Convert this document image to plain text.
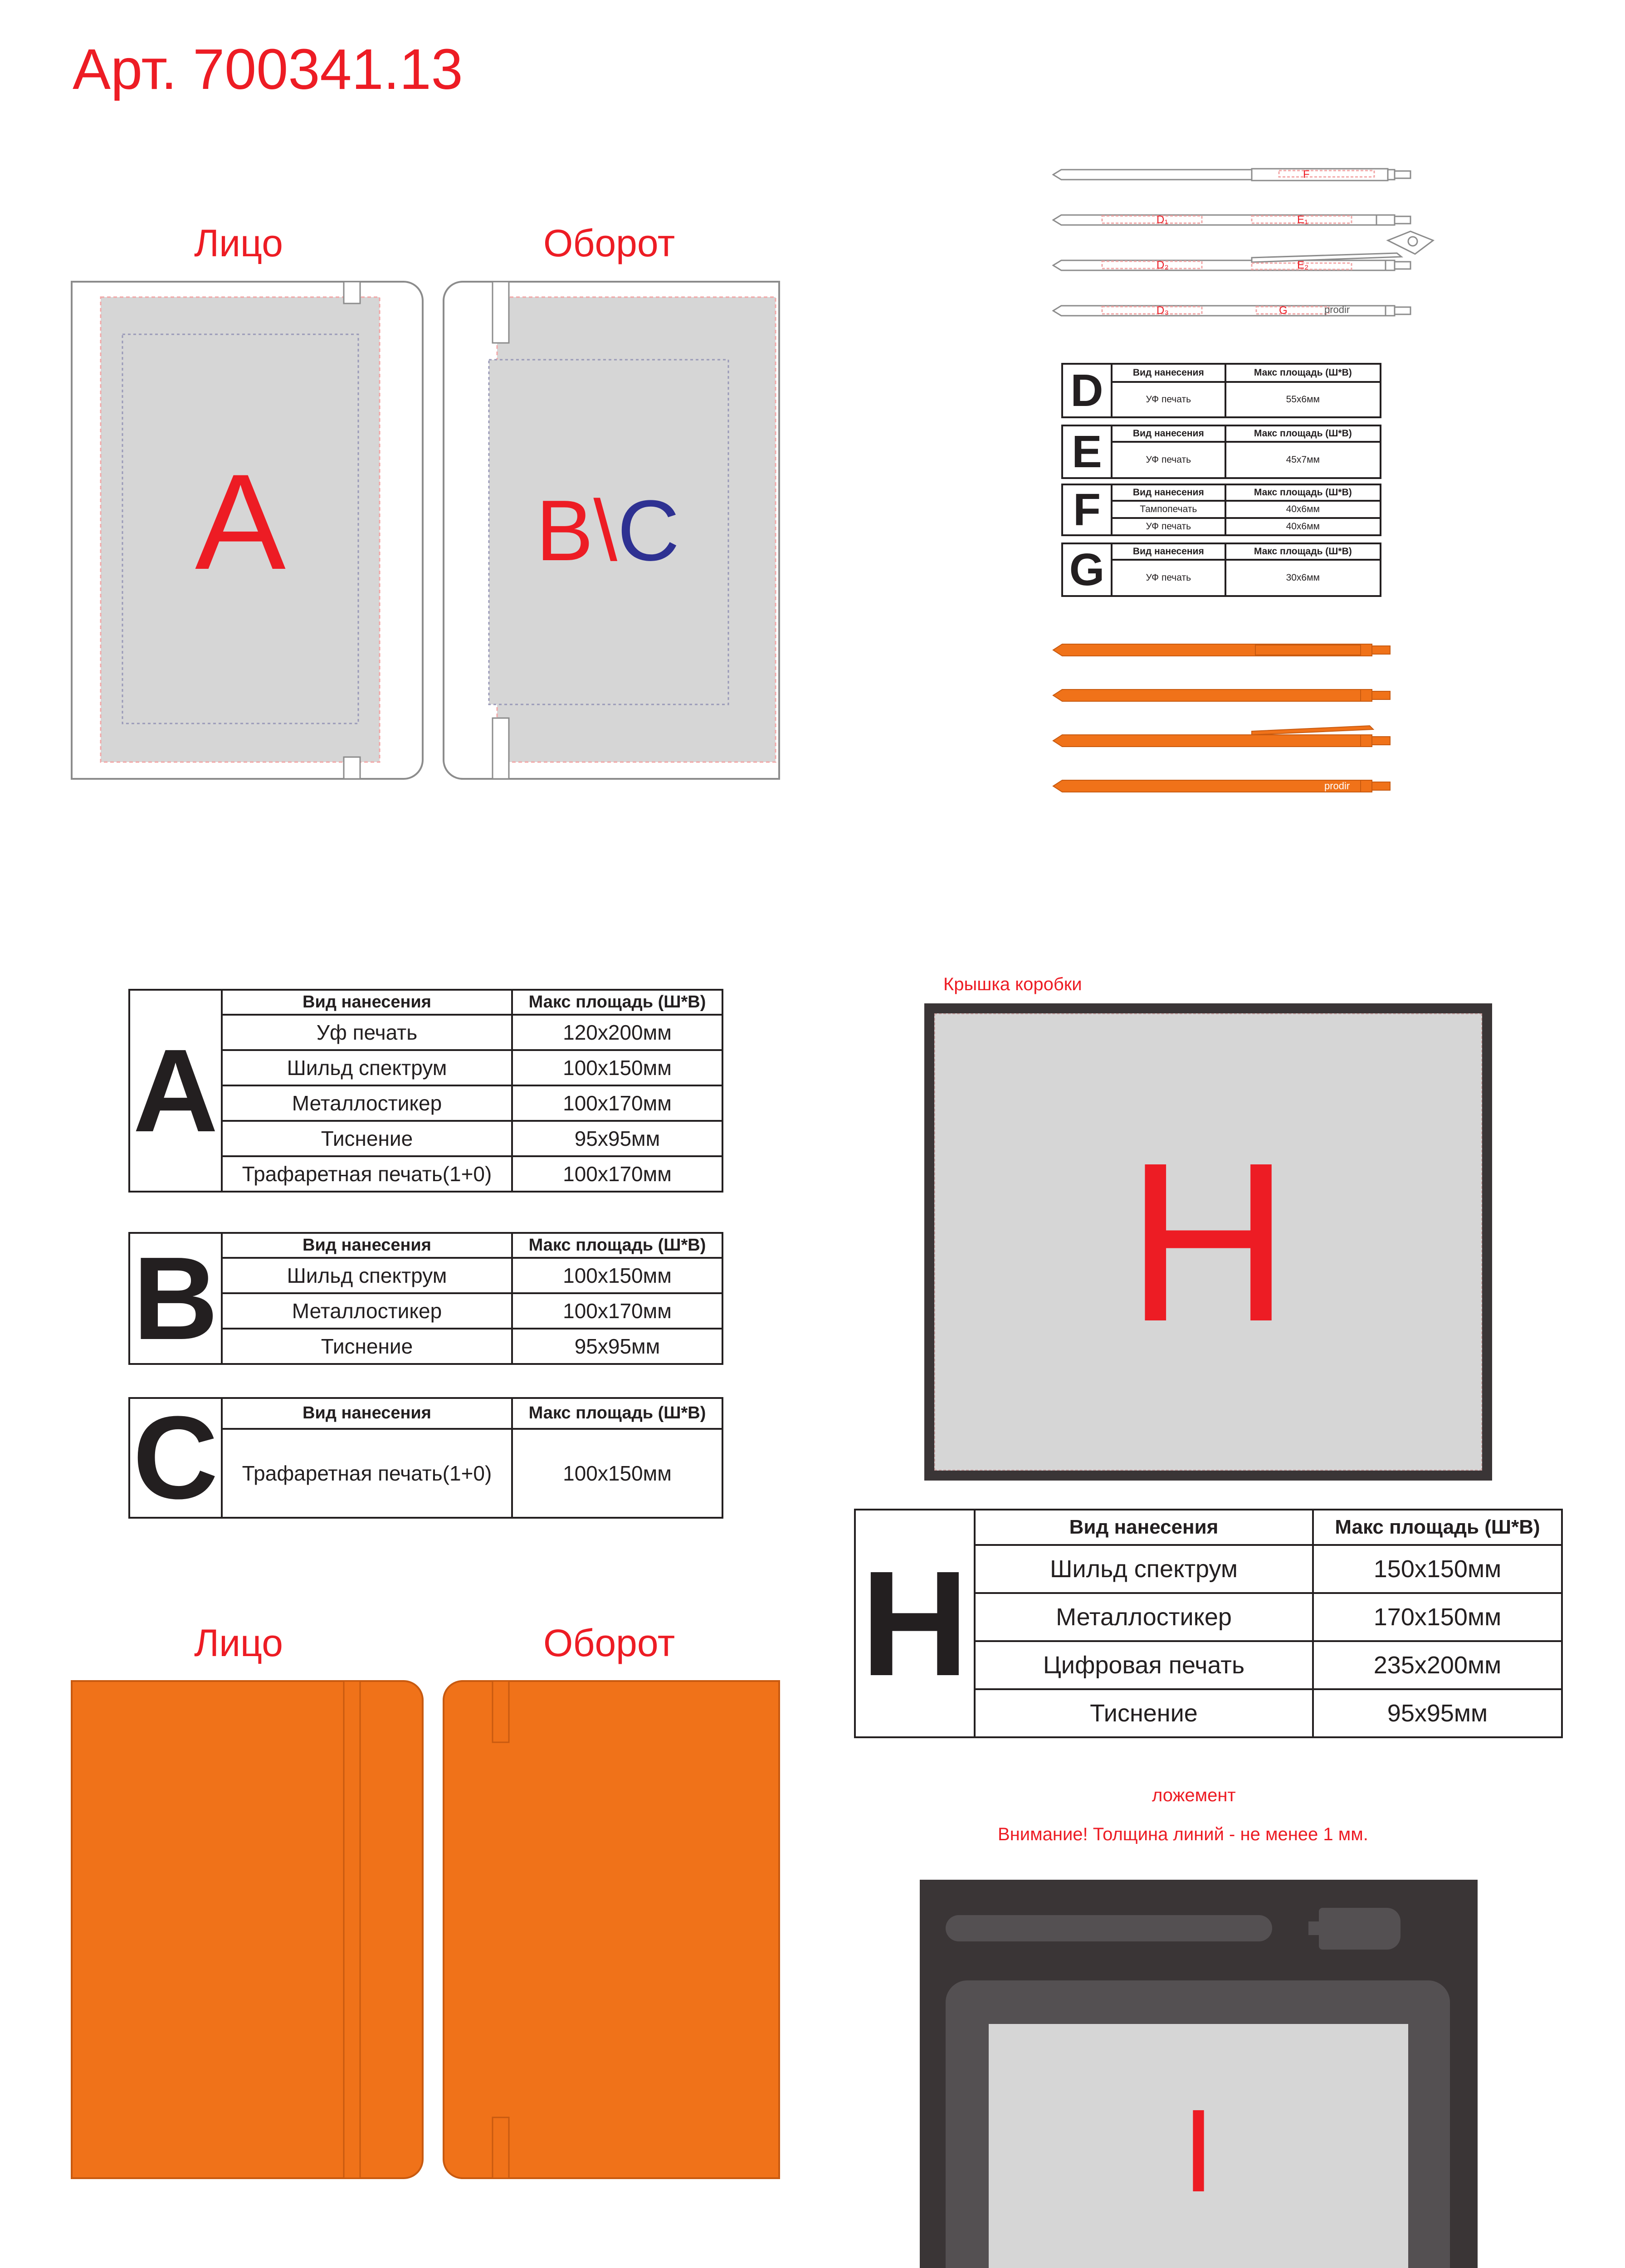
Арт. 700341.13
Лицо	Оборот
A	B \ C
F
D₁	E₁
D₂	E₂
D₃	G	prodir
D	Вид нанесения	Макс площадь (Ш*В)
	УФ печать	55х6мм
E	Вид нанесения	Макс площадь (Ш*В)
	УФ печать	45х7мм
F	Вид нанесения	Макс площадь (Ш*В)
	Тампопечать	40х6мм
	УФ печать	40х6мм
G	Вид нанесения	Макс площадь (Ш*В)
	УФ печать	30х6мм
prodir
A	Вид нанесения	Макс площадь (Ш*В)
	Уф печать	120х200мм
	Шильд спектрум	100х150мм
	Металлостикер	100х170мм
	Тиснение	95х95мм
	Трафаретная печать(1+0)	100х170мм
B	Вид нанесения	Макс площадь (Ш*В)
	Шильд спектрум	100х150мм
	Металлостикер	100х170мм
	Тиснение	95х95мм
C	Вид нанесения	Макс площадь (Ш*В)
	Трафаретная печать(1+0)	100х150мм
Крышка коробки
H
H	Вид нанесения	Макс площадь (Ш*В)
	Шильд спектрум	150х150мм
	Металлостикер	170х150мм
	Цифровая печать	235х200мм
	Тиснение	95х95мм
Лицо	Оборот
ложемент
Внимание! Толщина линий - не менее 1 мм.
I
